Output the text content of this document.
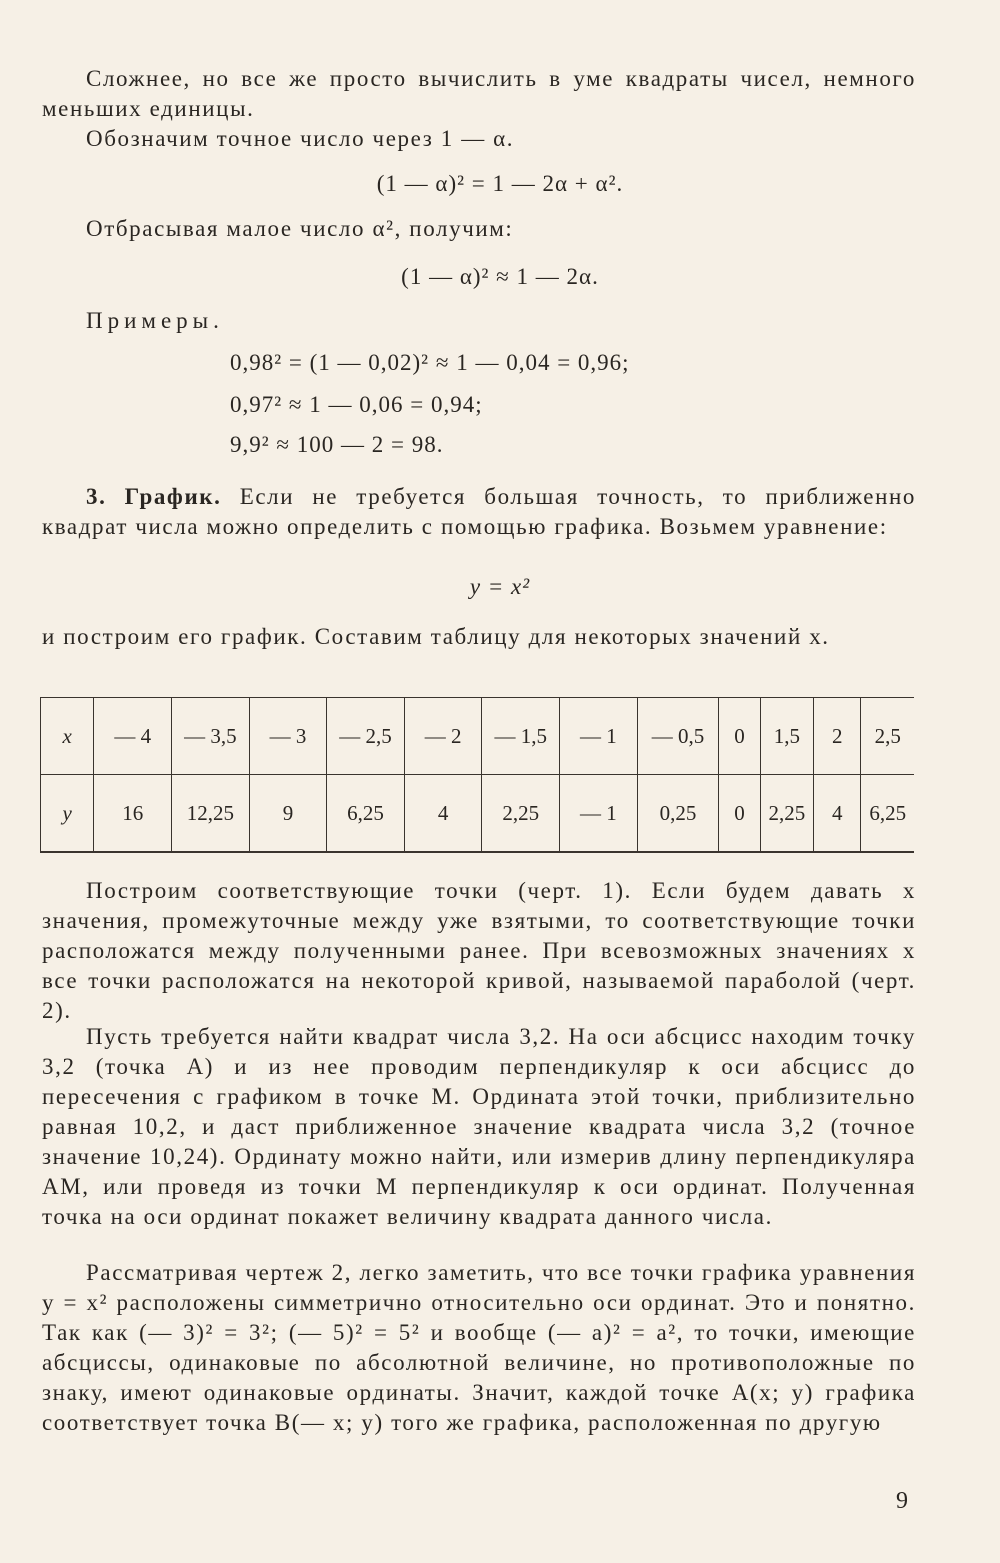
Сложнее, но все же просто вычислить в уме квадраты чисел, немного меньших единицы.

Обозначим точное число через 1 — α.

(1 — α)² = 1 — 2α + α².

Отбрасывая малое число α², получим:

(1 — α)² ≈ 1 — 2α.

Примеры.

0,98² = (1 — 0,02)² ≈ 1 — 0,04 = 0,96;

0,97² ≈ 1 — 0,06 = 0,94;

9,9² ≈ 100 — 2 = 98.

3. График. Если не требуется большая точность, то приближенно квадрат числа можно определить с помощью графика. Возьмем уравнение:

y = x²

и построим его график. Составим таблицу для некоторых значений x.

x	— 4	— 3,5	— 3	— 2,5	— 2	— 1,5	— 1	— 0,5	0	1,5	2	2,5
y	16	12,25	9	6,25	4	2,25	— 1	0,25	0	2,25	4	6,25

Построим соответствующие точки (черт. 1). Если будем давать x значения, промежуточные между уже взятыми, то соответствующие точки расположатся между полученными ранее. При всевозможных значениях x все точки расположатся на некоторой кривой, называемой параболой (черт. 2).

Пусть требуется найти квадрат числа 3,2. На оси абсцисс находим точку 3,2 (точка A) и из нее проводим перпендикуляр к оси абсцисс до пересечения с графиком в точке M. Ордината этой точки, приблизительно равная 10,2, и даст приближенное значение квадрата числа 3,2 (точное значение 10,24). Ординату можно найти, или измерив длину перпендикуляра AM, или проведя из точки M перпендикуляр к оси ординат. Полученная точка на оси ординат покажет величину квадрата данного числа.

Рассматривая чертеж 2, легко заметить, что все точки графика уравнения y = x² расположены симметрично относительно оси ординат. Это и понятно. Так как (— 3)² = 3²; (— 5)² = 5² и вообще (— a)² = a², то точки, имеющие абсциссы, одинаковые по абсолютной величине, но противоположные по знаку, имеют одинаковые ординаты. Значит, каждой точке A(x; y) графика соответствует точка B(— x; y) того же графика, расположенная по другую

9
